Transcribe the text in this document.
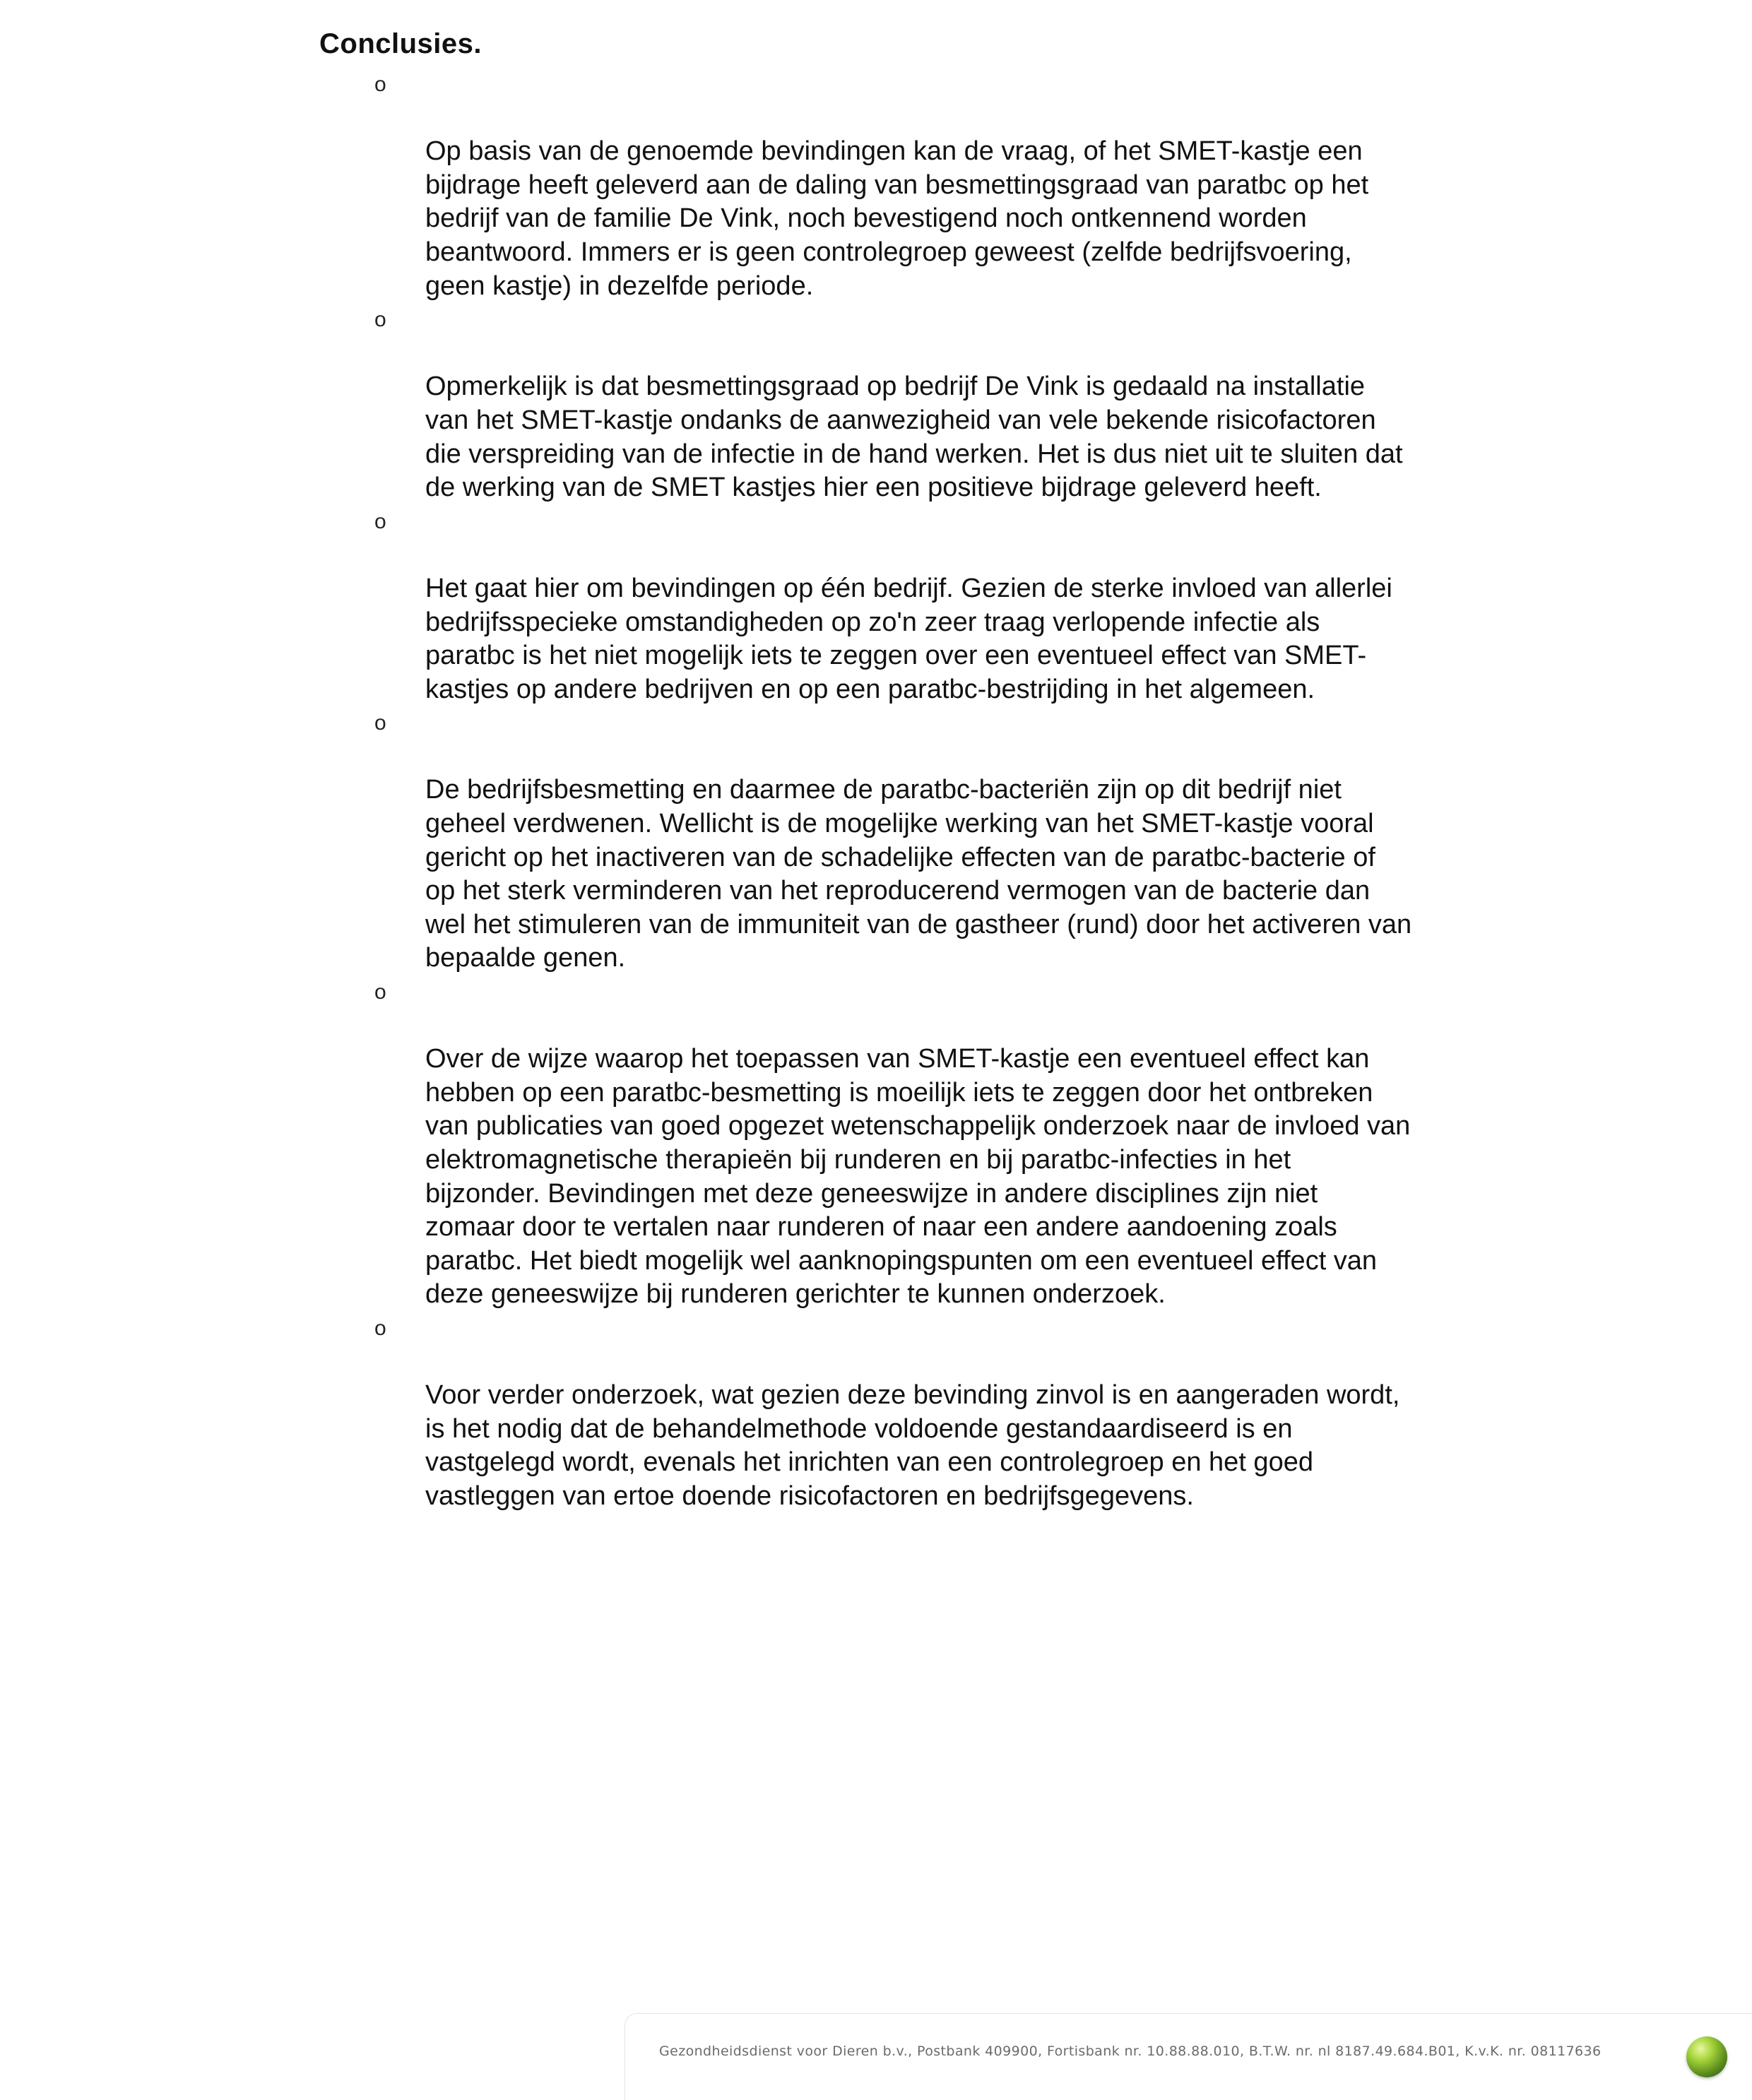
Conclusies.

o

Op basis van de genoemde bevindingen kan de vraag, of het SMET-kastje een
bijdrage heeft geleverd aan de daling van besmettingsgraad van paratbc op het
bedrijf van de familie De Vink, noch bevestigend noch ontkennend worden
beantwoord. Immers er is geen controlegroep geweest (zelfde bedrijfsvoering,
geen kastje) in dezelfde periode.

o

Opmerkelijk is dat besmettingsgraad op bedrijf De Vink is gedaald na installatie
van het SMET-kastje ondanks de aanwezigheid van vele bekende risicofactoren
die verspreiding van de infectie in de hand werken. Het is dus niet uit te sluiten dat
de werking van de SMET kastjes hier een positieve bijdrage geleverd heeft.

o

Het gaat hier om bevindingen op één bedrijf. Gezien de sterke invloed van allerlei
bedrijfsspecieke omstandigheden op zo'n zeer traag verlopende infectie als
paratbc is het niet mogelijk iets te zeggen over een eventueel effect van SMET-
kastjes op andere bedrijven en op een paratbc-bestrijding in het algemeen.

o

De bedrijfsbesmetting en daarmee de paratbc-bacteriën zijn op dit bedrijf niet
geheel verdwenen. Wellicht is de mogelijke werking van het SMET-kastje vooral
gericht op het inactiveren van de schadelijke effecten van de paratbc-bacterie of
op het sterk verminderen van het reproducerend vermogen van de bacterie dan
wel het stimuleren van de immuniteit van de gastheer (rund) door het activeren van
bepaalde genen.

o

Over de wijze waarop het toepassen van SMET-kastje een eventueel effect kan
hebben op een paratbc-besmetting is moeilijk iets te zeggen door het ontbreken
van publicaties van goed opgezet wetenschappelijk onderzoek naar de invloed van
elektromagnetische therapieën bij runderen en bij paratbc-infecties in het
bijzonder. Bevindingen met deze geneeswijze in andere disciplines zijn niet
zomaar door te vertalen naar runderen of naar een andere aandoening zoals
paratbc. Het biedt mogelijk wel aanknopingspunten om een eventueel effect van
deze geneeswijze bij runderen gerichter te kunnen onderzoek.

o

Voor verder onderzoek, wat gezien deze bevinding zinvol is en aangeraden wordt,
is het nodig dat de behandelmethode voldoende gestandaardiseerd is en
vastgelegd wordt, evenals het inrichten van een controlegroep en het goed
vastleggen van ertoe doende risicofactoren en bedrijfsgegevens.

Gezondheidsdienst voor Dieren b.v., Postbank 409900, Fortisbank nr. 10.88.88.010, B.T.W. nr. nl 8187.49.684.B01, K.v.K. nr. 08117636
